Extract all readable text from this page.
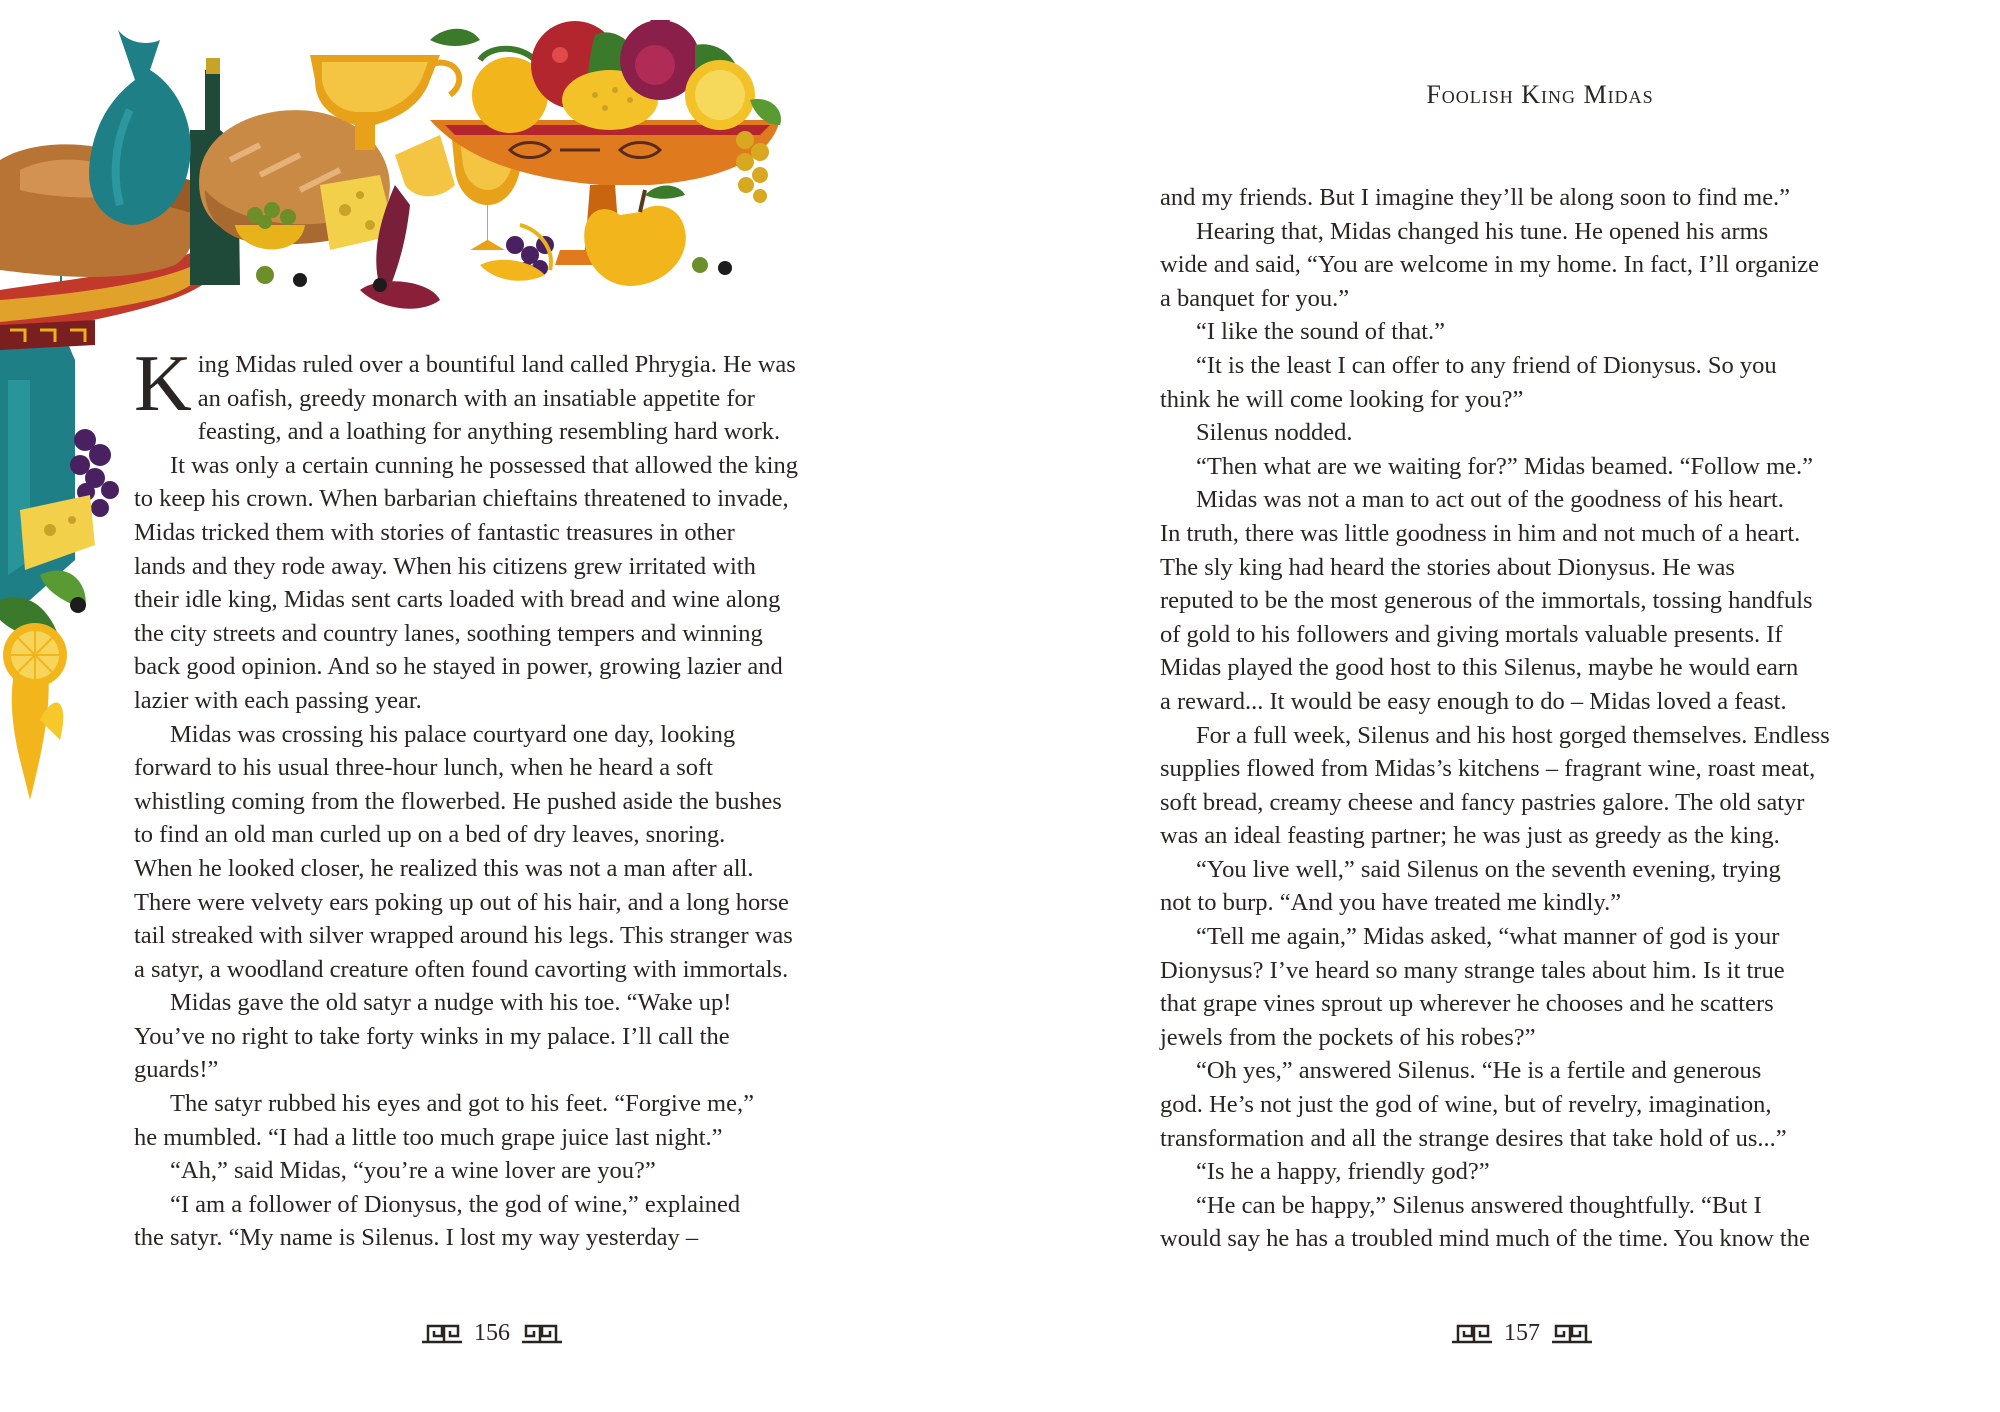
K ing Midas ruled over a bountiful land called Phrygia. He was
an oafish, greedy monarch with an insatiable appetite for
feasting, and a loathing for anything resembling hard work.
It was only a certain cunning he possessed that allowed the king
to keep his crown. When barbarian chieftains threatened to invade,
Midas tricked them with stories of fantastic treasures in other
lands and they rode away. When his citizens grew irritated with
their idle king, Midas sent carts loaded with bread and wine along
the city streets and country lanes, soothing tempers and winning
back good opinion. And so he stayed in power, growing lazier and
lazier with each passing year.
Midas was crossing his palace courtyard one day, looking
forward to his usual three-hour lunch, when he heard a soft
whistling coming from the flowerbed. He pushed aside the bushes
to find an old man curled up on a bed of dry leaves, snoring.
When he looked closer, he realized this was not a man after all.
There were velvety ears poking up out of his hair, and a long horse
tail streaked with silver wrapped around his legs. This stranger was
a satyr, a woodland creature often found cavorting with immortals.
Midas gave the old satyr a nudge with his toe. “Wake up!
You’ve no right to take forty winks in my palace. I’ll call the
guards!”
The satyr rubbed his eyes and got to his feet. “Forgive me,”
he mumbled. “I had a little too much grape juice last night.”
“Ah,” said Midas, “you’re a wine lover are you?”
“I am a follower of Dionysus, the god of wine,” explained
the satyr. “My name is Silenus. I lost my way yesterday –
156
Foolish King Midas
and my friends. But I imagine they’ll be along soon to find me.”
Hearing that, Midas changed his tune. He opened his arms
wide and said, “You are welcome in my home. In fact, I’ll organize
a banquet for you.”
“I like the sound of that.”
“It is the least I can offer to any friend of Dionysus. So you
think he will come looking for you?”
Silenus nodded.
“Then what are we waiting for?” Midas beamed. “Follow me.”
Midas was not a man to act out of the goodness of his heart.
In truth, there was little goodness in him and not much of a heart.
The sly king had heard the stories about Dionysus. He was
reputed to be the most generous of the immortals, tossing handfuls
of gold to his followers and giving mortals valuable presents. If
Midas played the good host to this Silenus, maybe he would earn
a reward... It would be easy enough to do – Midas loved a feast.
For a full week, Silenus and his host gorged themselves. Endless
supplies flowed from Midas’s kitchens – fragrant wine, roast meat,
soft bread, creamy cheese and fancy pastries galore. The old satyr
was an ideal feasting partner; he was just as greedy as the king.
“You live well,” said Silenus on the seventh evening, trying
not to burp. “And you have treated me kindly.”
“Tell me again,” Midas asked, “what manner of god is your
Dionysus? I’ve heard so many strange tales about him. Is it true
that grape vines sprout up wherever he chooses and he scatters
jewels from the pockets of his robes?”
“Oh yes,” answered Silenus. “He is a fertile and generous
god. He’s not just the god of wine, but of revelry, imagination,
transformation and all the strange desires that take hold of us...”
“Is he a happy, friendly god?”
“He can be happy,” Silenus answered thoughtfully. “But I
would say he has a troubled mind much of the time. You know the
157
